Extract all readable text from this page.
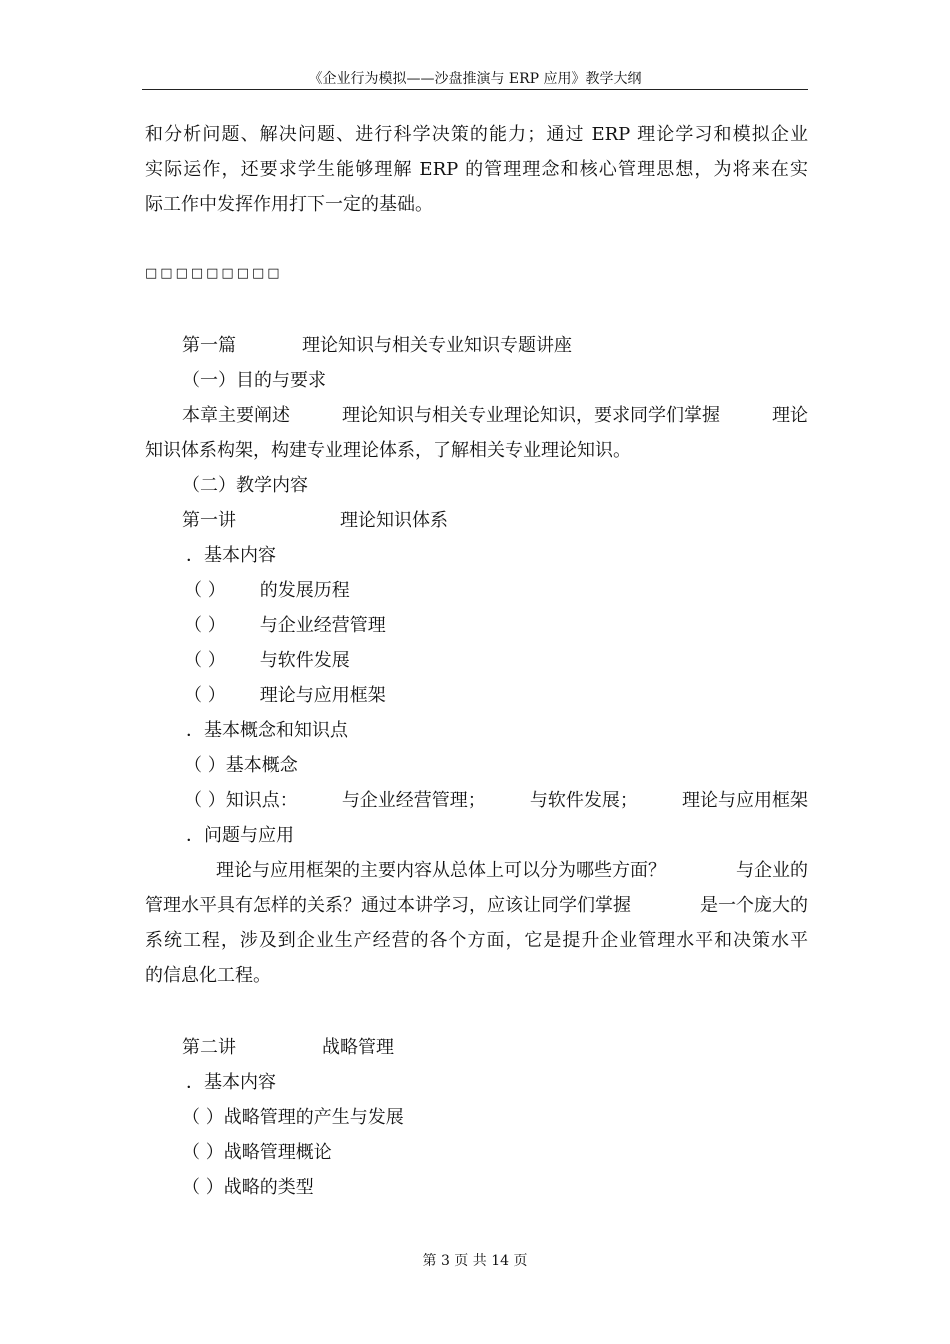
《企业行为模拟——沙盘推演与 ERP 应用》教学大纲
和分析问题、解决问题、进行科学决策的能力；通过 ERP 理论学习和模拟企业
实际运作，还要求学生能够理解 ERP 的管理理念和核心管理思想，为将来在实
际工作中发挥作用打下一定的基础。
□□□□□□□□□
第一篇	理论知识与相关专业知识专题讲座
（一）目的与要求
本章主要阐述	理论知识与相关专业理论知识，要求同学们掌握	理论
知识体系构架，构建专业理论体系，了解相关专业理论知识。
（二）教学内容
第一讲	理论知识体系
．基本内容
（ ） 的发展历程
（ ） 与企业经营管理
（ ） 与软件发展
（ ） 理论与应用框架
．基本概念和知识点
（ ）基本概念
（ ）知识点： 与企业经营管理； 与软件发展； 理论与应用框架
．问题与应用
理论与应用框架的主要内容从总体上可以分为哪些方面？	与企业的
管理水平具有怎样的关系？通过本讲学习，应该让同学们掌握	是一个庞大的
系统工程，涉及到企业生产经营的各个方面，它是提升企业管理水平和决策水平
的信息化工程。
第二讲	战略管理
．基本内容
（ ）战略管理的产生与发展
（ ）战略管理概论
（ ）战略的类型
第 3 页 共 14 页
